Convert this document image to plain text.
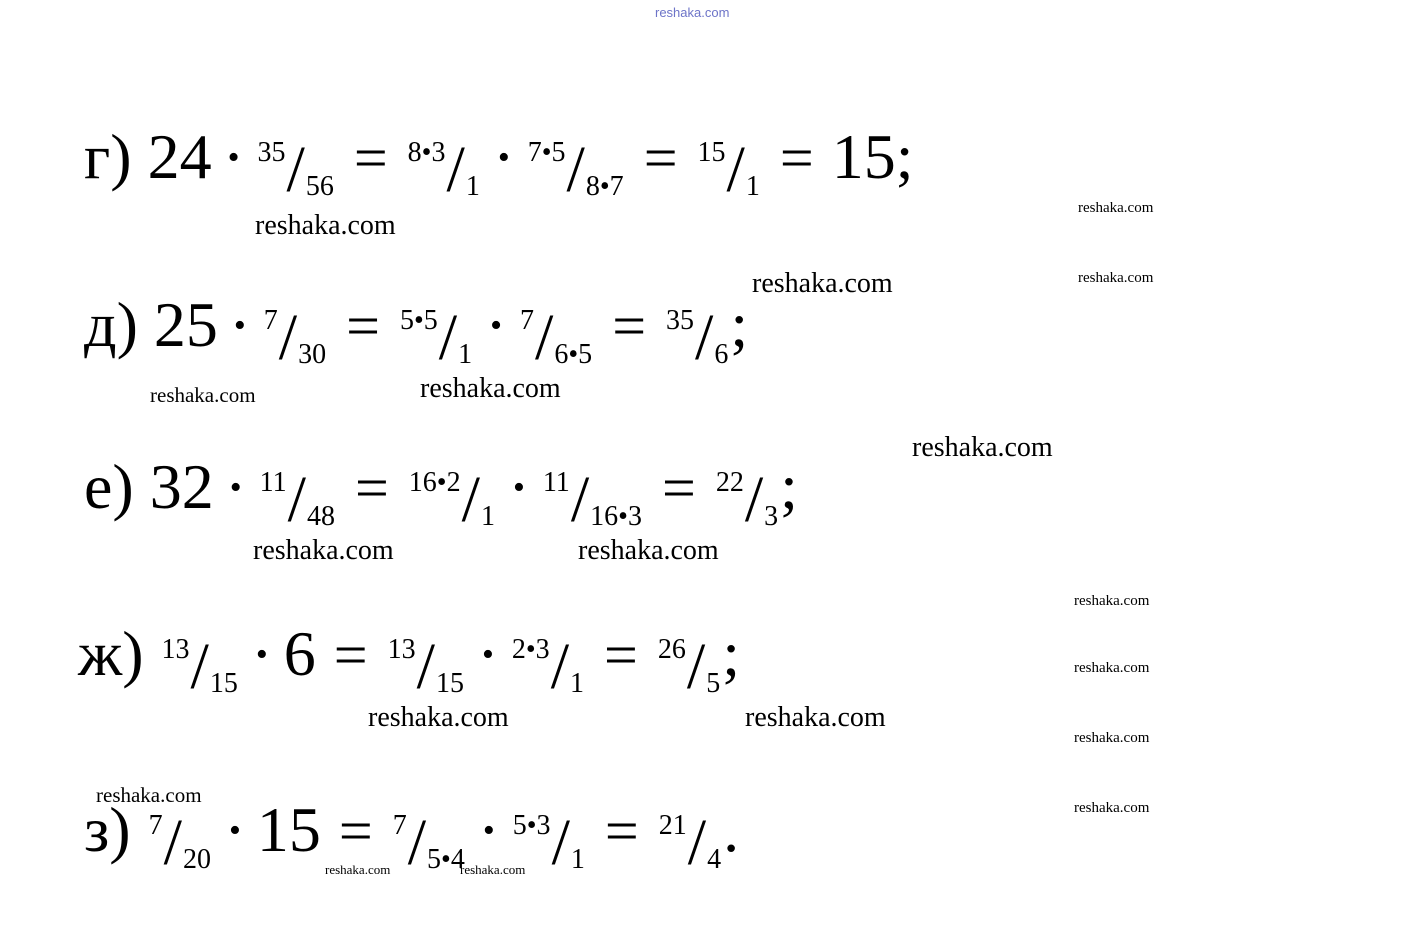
reshaka.com
reshaka.com
reshaka.com
reshaka.com
reshaka.com
reshaka.com	reshaka.com
reshaka.com
reshaka.com	reshaka.com
reshaka.com
reshaka.com
reshaka.com	reshaka.com
reshaka.com
reshaka.com
reshaka.com
reshaka.com	reshaka.com
г) 24 • 35 / 56 = 8•3 / 1
• 7•5 / 8•7 = 15 / 1 = 15 ;
д) 25 • 7 / 30 = 5•5 / 1
• 7 / 6•5 = 35 / 6 ;
е) 32 • 11 / 48 = 16•2 / 1
• 11 / 16•3 = 22 / 3 ;
ж) 13 / 15
• 6 = 13 / 15
• 2•3 / 1 = 26 / 5 ;
з) 7 / 20
• 15 = 7 / 5•4
• 5•3 / 1 = 21 / 4 .
